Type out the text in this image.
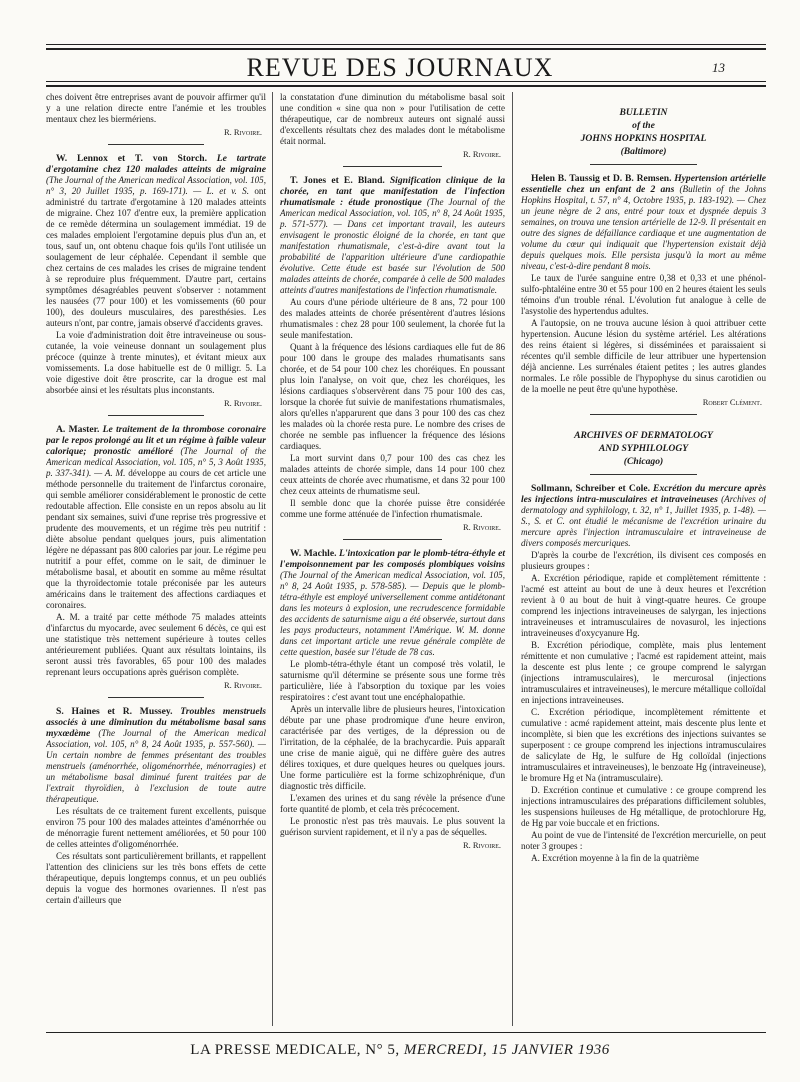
REVUE DES JOURNAUX	13

ches doivent être entreprises avant de pouvoir affirmer qu'il y a une relation directe entre l'anémie et les troubles mentaux chez les biermériens.

R. Rivoire.

W. Lennox et T. von Storch. Le tartrate d'ergotamine chez 120 malades atteints de migraine (The Journal of the American medical Association, vol. 105, n° 3, 20 Juillet 1935, p. 169-171). — L. et v. S. ont administré du tartrate d'ergotamine à 120 malades atteints de migraine. Chez 107 d'entre eux, la première application de ce remède détermina un soulagement immédiat. 19 de ces malades emploient l'ergotamine depuis plus d'un an, et tous, sauf un, ont obtenu chaque fois qu'ils l'ont utilisée un soulagement de leur céphalée. Cependant il semble que chez certains de ces malades les crises de migraine tendent à se reproduire plus fréquemment. D'autre part, certains symptômes désagréables peuvent s'observer : notamment les nausées (77 pour 100) et les vomissements (60 pour 100), des douleurs musculaires, des paresthésies. Les auteurs n'ont, par contre, jamais observé d'accidents graves.

La voie d'administration doit être intraveineuse ou sous-cutanée, la voie veineuse donnant un soulagement plus précoce (quinze à trente minutes), et évitant mieux aux vomissements. La dose habituelle est de 0 milligr. 5. La voie digestive doit être proscrite, car la drogue est mal absorbée ainsi et les résultats plus inconstants.

R. Rivoire.

A. Master. Le traitement de la thrombose coronaire par le repos prolongé au lit et un régime à faible valeur calorique; pronostic amélioré (The Journal of the American medical Association, vol. 105, n° 5, 3 Août 1935, p. 337-341). — A. M. développe au cours de cet article une méthode personnelle du traitement de l'infarctus coronaire, qui semble améliorer considérablement le pronostic de cette redoutable affection. Elle consiste en un repos absolu au lit pendant six semaines, suivi d'une reprise très progressive et prudente des mouvements, et un régime très peu nutritif : diète absolue pendant quelques jours, puis alimentation légère ne dépassant pas 800 calories par jour. Le régime peu nutritif a pour effet, comme on le sait, de diminuer le métabolisme basal, et aboutit en somme au même résultat que la thyroïdectomie totale préconisée par les auteurs américains dans le traitement des affections cardiaques et coronaires.

A. M. a traité par cette méthode 75 malades atteints d'infarctus du myocarde, avec seulement 6 décès, ce qui est une statistique très nettement supérieure à toutes celles antérieurement publiées. Quant aux résultats lointains, ils seront aussi très favorables, 65 pour 100 des malades reprenant leurs occupations après guérison complète.

R. Rivoire.

S. Haines et R. Mussey. Troubles menstruels associés à une diminution du métabolisme basal sans myxœdème (The Journal of the American medical Association, vol. 105, n° 8, 24 Août 1935, p. 557-560). — Un certain nombre de femmes présentant des troubles menstruels (aménorrhée, oligoménorrhée, ménorragies) et un métabolisme basal diminué furent traitées par de l'extrait thyroïdien, à l'exclusion de toute autre thérapeutique.

Les résultats de ce traitement furent excellents, puisque environ 75 pour 100 des malades atteintes d'aménorrhée ou de ménorragie furent nettement améliorées, et 50 pour 100 de celles atteintes d'oligoménorrhée.

Ces résultats sont particulièrement brillants, et rappellent l'attention des cliniciens sur les très bons effets de cette thérapeutique, depuis longtemps connus, et un peu oubliés depuis la vogue des hormones ovariennes. Il n'est pas certain d'ailleurs que

la constatation d'une diminution du métabolisme basal soit une condition « sine qua non » pour l'utilisation de cette thérapeutique, car de nombreux auteurs ont signalé aussi d'excellents résultats chez des malades dont le métabolisme était normal.

R. Rivoire.

T. Jones et E. Bland. Signification clinique de la chorée, en tant que manifestation de l'infection rhumatismale : étude pronostique (The Journal of the American medical Association, vol. 105, n° 8, 24 Août 1935, p. 571-577). — Dans cet important travail, les auteurs envisagent le pronostic éloigné de la chorée, en tant que manifestation rhumatismale, c'est-à-dire avant tout la probabilité de l'apparition ultérieure d'une cardiopathie évolutive. Cette étude est basée sur l'évolution de 500 malades atteints de chorée, comparée à celle de 500 malades atteints d'autres manifestations de l'infection rhumatismale.

Au cours d'une période ultérieure de 8 ans, 72 pour 100 des malades atteints de chorée présentèrent d'autres lésions rhumatismales : chez 28 pour 100 seulement, la chorée fut la seule manifestation.

Quant à la fréquence des lésions cardiaques elle fut de 86 pour 100 dans le groupe des malades rhumatisants sans chorée, et de 54 pour 100 chez les choréiques. En poussant plus loin l'analyse, on voit que, chez les choréiques, les lésions cardiaques s'observèrent dans 75 pour 100 des cas, lorsque la chorée fut suivie de manifestations rhumatismales, alors qu'elles n'apparurent que dans 3 pour 100 des cas chez les malades où la chorée resta pure. Le nombre des crises de chorée ne semble pas influencer la fréquence des lésions cardiaques.

La mort survint dans 0,7 pour 100 des cas chez les malades atteints de chorée simple, dans 14 pour 100 chez ceux atteints de chorée avec rhumatisme, et dans 32 pour 100 chez ceux atteints de rhumatisme seul.

Il semble donc que la chorée puisse être considérée comme une forme atténuée de l'infection rhumatismale.

R. Rivoire.

W. Machle. L'intoxication par le plomb-tétra-éthyle et l'empoisonnement par les composés plombiques voisins (The Journal of the American medical Association, vol. 105, n° 8, 24 Août 1935, p. 578-585). — Depuis que le plomb-tétra-éthyle est employé universellement comme antidétonant dans les moteurs à explosion, une recrudescence formidable des accidents de saturnisme aigu a été observée, surtout dans les pays producteurs, notamment l'Amérique. W. M. donne dans cet important article une revue générale complète de cette question, basée sur l'étude de 78 cas.

Le plomb-tétra-éthyle étant un composé très volatil, le saturnisme qu'il détermine se présente sous une forme très particulière, liée à l'absorption du toxique par les voies respiratoires : c'est avant tout une encéphalopathie.

Après un intervalle libre de plusieurs heures, l'intoxication débute par une phase prodromique d'une heure environ, caractérisée par des vertiges, de la dépression ou de l'irritation, de la céphalée, de la brachycardie. Puis apparaît une crise de manie aiguë, qui ne diffère guère des autres délires toxiques, et dure quelques heures ou quelques jours. Une forme particulière est la forme schizophrénique, d'un diagnostic très difficile.

L'examen des urines et du sang révèle la présence d'une forte quantité de plomb, et cela très précocement.

Le pronostic n'est pas très mauvais. Le plus souvent la guérison survient rapidement, et il n'y a pas de séquelles.

R. Rivoire.
BULLETIN
of the
JOHNS HOPKINS HOSPITAL
(Baltimore)

Helen B. Taussig et D. B. Remsen. Hypertension artérielle essentielle chez un enfant de 2 ans (Bulletin of the Johns Hopkins Hospital, t. 57, n° 4, Octobre 1935, p. 183-192). — Chez un jeune nègre de 2 ans, entré pour toux et dyspnée depuis 3 semaines, on trouva une tension artérielle de 12-9. Il présentait en outre des signes de défaillance cardiaque et une augmentation de volume du cœur qui indiquait que l'hypertension existait déjà depuis quelques mois. Elle persista jusqu'à la mort au même niveau, c'est-à-dire pendant 8 mois.

Le taux de l'urée sanguine entre 0,38 et 0,33 et une phénol-sulfo-phtaléine entre 30 et 55 pour 100 en 2 heures étaient les seuls témoins d'un trouble rénal. L'évolution fut analogue à celle de l'asystolie des hypertendus adultes.

A l'autopsie, on ne trouva aucune lésion à quoi attribuer cette hypertension. Aucune lésion du système artériel. Les altérations des reins étaient si légères, si disséminées et paraissaient si récentes qu'il semble difficile de leur attribuer une hypertension déjà ancienne. Les surrénales étaient petites ; les autres glandes normales. Le rôle possible de l'hypophyse du sinus carotidien ou de la moelle ne peut être qu'une hypothèse.

Robert Clément.
ARCHIVES OF DERMATOLOGY
AND SYPHILOLOGY
(Chicago)

Sollmann, Schreiber et Cole. Excrétion du mercure après les injections intra-musculaires et intraveineuses (Archives of dermatology and syphilology, t. 32, n° 1, Juillet 1935, p. 1-48). — S., S. et C. ont étudié le mécanisme de l'excrétion urinaire du mercure après l'injection intramusculaire et intraveineuse de divers composés mercuriques.

D'après la courbe de l'excrétion, ils divisent ces composés en plusieurs groupes :

A. Excrétion périodique, rapide et complètement rémittente : l'acmé est atteint au bout de une à deux heures et l'excrétion revient à 0 au bout de huit à vingt-quatre heures. Ce groupe comprend les injections intraveineuses de salyrgan, les injections intraveineuses et intramusculaires de novasurol, les injections intraveineuses d'oxycyanure Hg.

B. Excrétion périodique, complète, mais plus lentement rémittente et non cumulative ; l'acmé est rapidement atteint, mais la descente est plus lente ; ce groupe comprend le salyrgan (injections intramusculaires), le mercurosal (injections intramusculaires et intraveineuses), le mercure métallique colloïdal en injections intraveineuses.

C. Excrétion périodique, incomplètement rémittente et cumulative : acmé rapidement atteint, mais descente plus lente et incomplète, si bien que les excrétions des injections suivantes se superposent : ce groupe comprend les injections intramusculaires de salicylate de Hg, le sulfure de Hg colloïdal (injections intramusculaires et intraveineuses), le benzoate Hg (intraveineuse), le bromure Hg et Na (intramusculaire).

D. Excrétion continue et cumulative : ce groupe comprend les injections intramusculaires des préparations difficilement solubles, les suspensions huileuses de Hg métallique, de protochlorure Hg, de Hg par voie buccale et en frictions.

Au point de vue de l'intensité de l'excrétion mercurielle, on peut noter 3 groupes :

A. Excrétion moyenne à la fin de la quatrième

LA PRESSE MEDICALE, N° 5, MERCREDI, 15 JANVIER 1936
